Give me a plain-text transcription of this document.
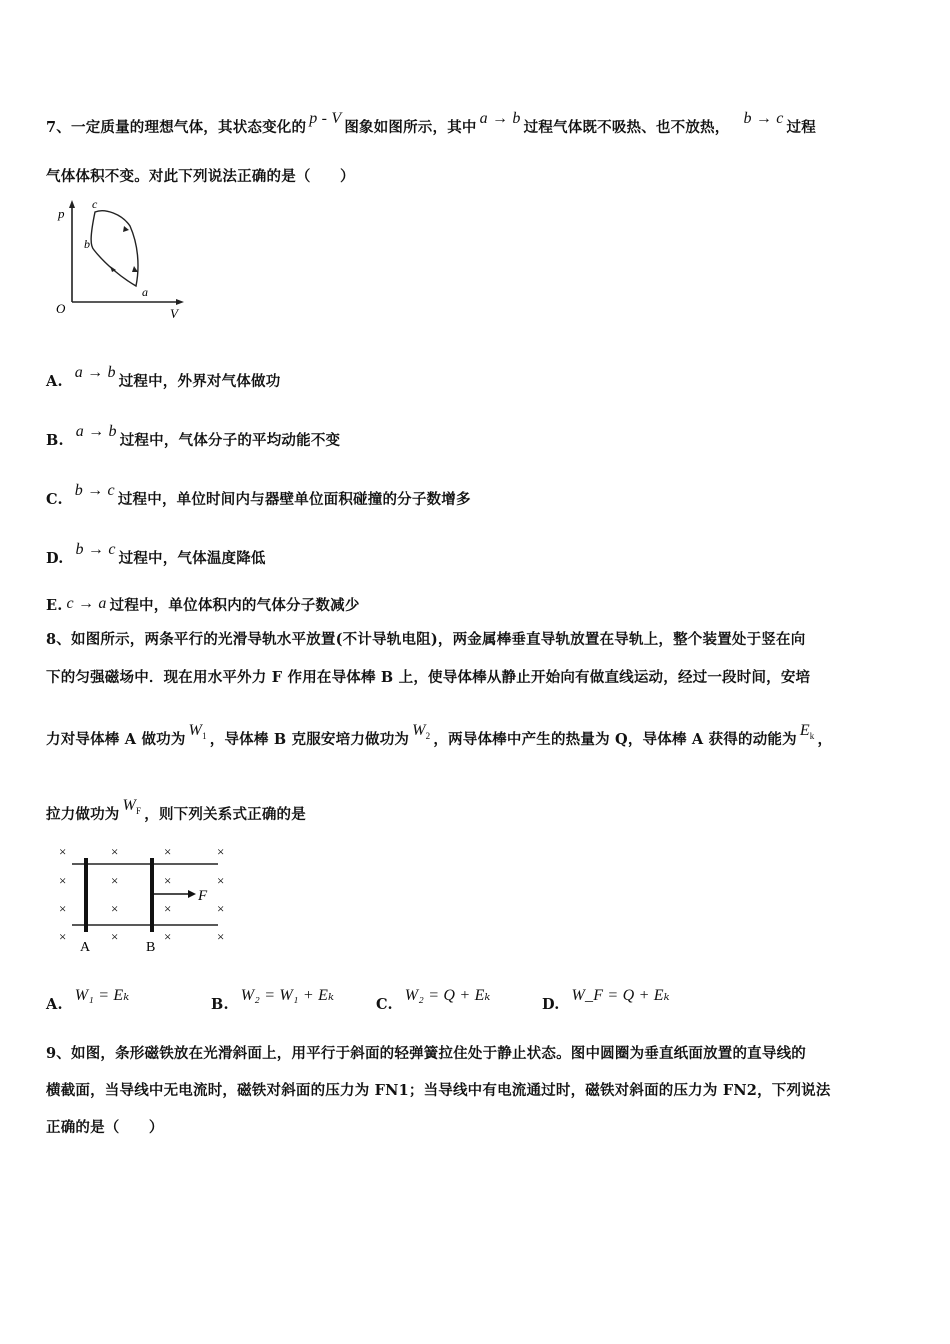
7、一定质量的理想气体，其状态变化的p - V图象如图所示，其中a → b过程气体既不吸热、也不放热，b → c过程
气体体积不变。对此下列说法正确的是（　　）
p
V
O
c
b
a
A.a → b过程中，外界对气体做功
B.a → b过程中，气体分子的平均动能不变
C.b → c过程中，单位时间内与器壁单位面积碰撞的分子数增多
D.b → c过程中，气体温度降低
E. c → a 过程中，单位体积内的气体分子数减少
8、如图所示，两条平行的光滑导轨水平放置(不计导轨电阻)，两金属棒垂直导轨放置在导轨上，整个装置处于竖在向
下的匀强磁场中．现在用水平外力 F 作用在导体棒 B 上，使导体棒从静止开始向有做直线运动，经过一段时间，安培
力对导体棒 A 做功为$W_1$ ，导体棒 B 克服安培力做功为$W_2$ ，两导体棒中产生的热量为 Q，导体棒 A 获得的动能为$E_k$ ，
拉力做功为$W_F$ ，则下列关系式正确的是
F
A	B
×	×	×	×
×	×	×	×
×	×	×	×
×	×	×	×
A.W₁ = Eₖ
B.W₂ = W₁ + Eₖ
C.W₂ = Q + Eₖ
D.W_F = Q + Eₖ
9、如图，条形磁铁放在光滑斜面上，用平行于斜面的轻弹簧拉住处于静止状态。图中圆圈为垂直纸面放置的直导线的
横截面，当导线中无电流时，磁铁对斜面的压力为 FN1；当导线中有电流通过时，磁铁对斜面的压力为 FN2，下列说法
正确的是（　　）
